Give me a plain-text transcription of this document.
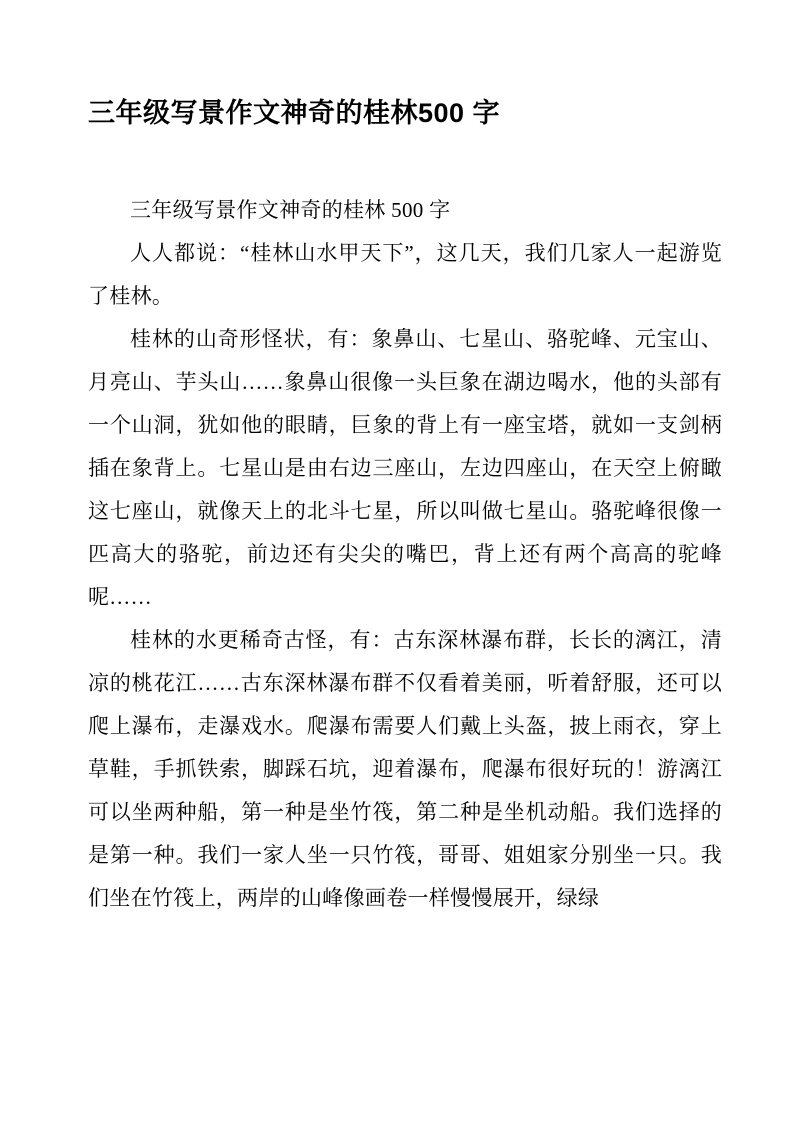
三年级写景作文神奇的桂林500 字

三年级写景作文神奇的桂林 500 字

人人都说：“桂林山水甲天下”，这几天，我们几家人一起游览了桂林。

桂林的山奇形怪状，有：象鼻山、七星山、骆驼峰、元宝山、月亮山、芋头山……象鼻山很像一头巨象在湖边喝水，他的头部有一个山洞，犹如他的眼睛，巨象的背上有一座宝塔，就如一支剑柄插在象背上。七星山是由右边三座山，左边四座山，在天空上俯瞰这七座山，就像天上的北斗七星，所以叫做七星山。骆驼峰很像一匹高大的骆驼，前边还有尖尖的嘴巴，背上还有两个高高的驼峰呢……

桂林的水更稀奇古怪，有：古东深林瀑布群，长长的漓江，清凉的桃花江……古东深林瀑布群不仅看着美丽，听着舒服，还可以爬上瀑布，走瀑戏水。爬瀑布需要人们戴上头盔，披上雨衣，穿上草鞋，手抓铁索，脚踩石坑，迎着瀑布，爬瀑布很好玩的！游漓江可以坐两种船，第一种是坐竹筏，第二种是坐机动船。我们选择的是第一种。我们一家人坐一只竹筏，哥哥、姐姐家分别坐一只。我们坐在竹筏上，两岸的山峰像画卷一样慢慢展开，绿绿
